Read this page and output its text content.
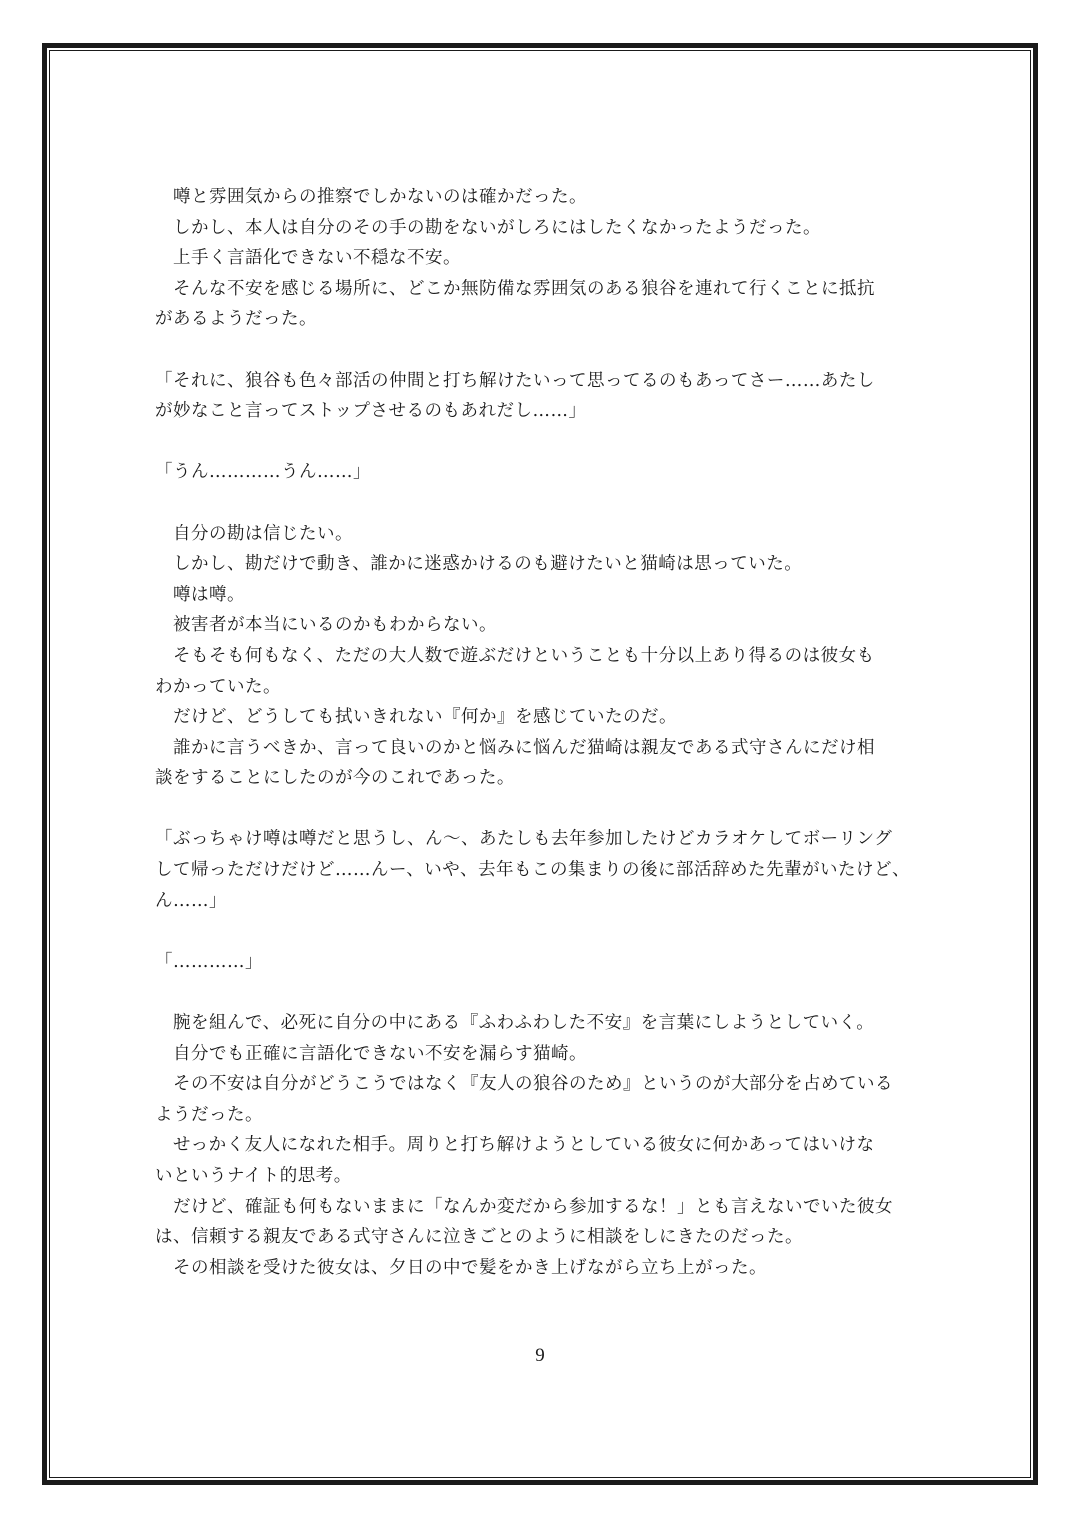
　噂と雰囲気からの推察でしかないのは確かだった。
　しかし、本人は自分のその手の勘をないがしろにはしたくなかったようだった。
　上手く言語化できない不穏な不安。
　そんな不安を感じる場所に、どこか無防備な雰囲気のある狼谷を連れて行くことに抵抗
があるようだった。
「それに、狼谷も色々部活の仲間と打ち解けたいって思ってるのもあってさー……あたし
が妙なこと言ってストップさせるのもあれだし……」
「うん…………うん……」
　自分の勘は信じたい。
　しかし、勘だけで動き、誰かに迷惑かけるのも避けたいと猫崎は思っていた。
　噂は噂。
　被害者が本当にいるのかもわからない。
　そもそも何もなく、ただの大人数で遊ぶだけということも十分以上あり得るのは彼女も
わかっていた。
　だけど、どうしても拭いきれない『何か』を感じていたのだ。
　誰かに言うべきか、言って良いのかと悩みに悩んだ猫崎は親友である式守さんにだけ相
談をすることにしたのが今のこれであった。
「ぶっちゃけ噂は噂だと思うし、ん〜、あたしも去年参加したけどカラオケしてボーリング
して帰っただけだけど……んー、いや、去年もこの集まりの後に部活辞めた先輩がいたけど、
ん……」
「…………」
　腕を組んで、必死に自分の中にある『ふわふわした不安』を言葉にしようとしていく。
　自分でも正確に言語化できない不安を漏らす猫崎。
　その不安は自分がどうこうではなく『友人の狼谷のため』というのが大部分を占めている
ようだった。
　せっかく友人になれた相手。周りと打ち解けようとしている彼女に何かあってはいけな
いというナイト的思考。
　だけど、確証も何もないままに「なんか変だから参加するな！」とも言えないでいた彼女
は、信頼する親友である式守さんに泣きごとのように相談をしにきたのだった。
　その相談を受けた彼女は、夕日の中で髪をかき上げながら立ち上がった。
9
